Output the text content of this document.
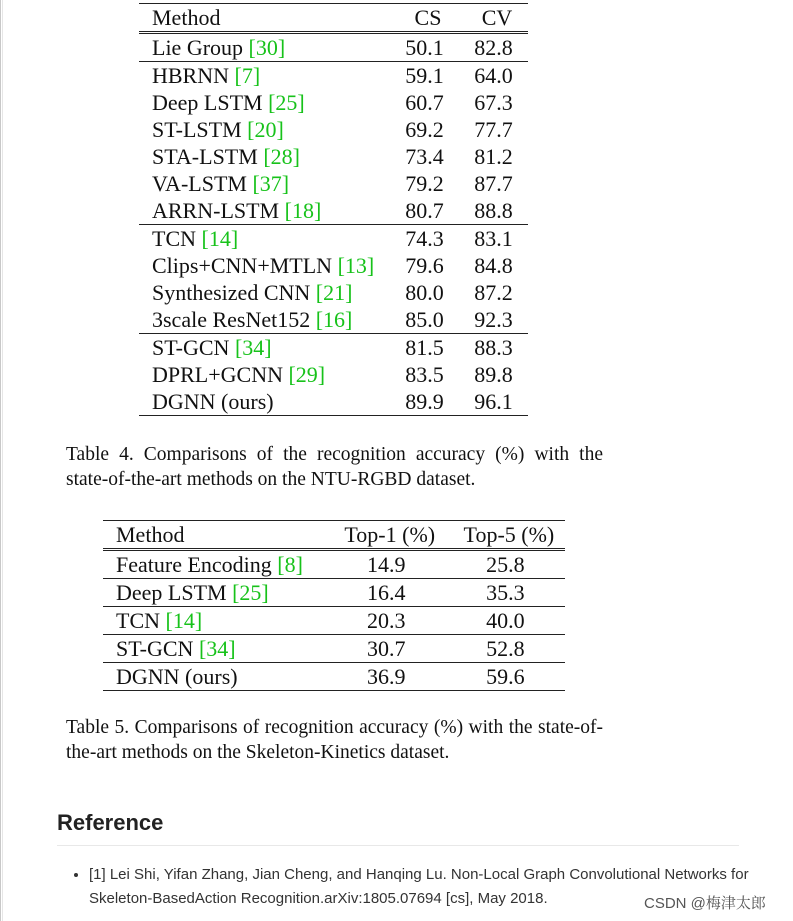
Method	CS	CV
Lie Group [30]	50.1	82.8
HBRNN [7]	59.1	64.0
Deep LSTM [25]	60.7	67.3
ST-LSTM [20]	69.2	77.7
STA-LSTM [28]	73.4	81.2
VA-LSTM [37]	79.2	87.7
ARRN-LSTM [18]	80.7	88.8
TCN [14]	74.3	83.1
Clips+CNN+MTLN [13]	79.6	84.8
Synthesized CNN [21]	80.0	87.2
3scale ResNet152 [16]	85.0	92.3
ST-GCN [34]	81.5	88.3
DPRL+GCNN [29]	83.5	89.8
DGNN (ours)	89.9	96.1
Table 4. Comparisons of the recognition accuracy (%) with the state-of-the-art methods on the NTU-RGBD dataset.
Method	Top-1 (%)	Top-5 (%)
Feature Encoding [8]	14.9	25.8
Deep LSTM [25]	16.4	35.3
TCN [14]	20.3	40.0
ST-GCN [34]	30.7	52.8
DGNN (ours)	36.9	59.6
Table 5. Comparisons of recognition accuracy (%) with the state-of-the-art methods on the Skeleton-Kinetics dataset.
Reference
• [1] Lei Shi, Yifan Zhang, Jian Cheng, and Hanqing Lu. Non-Local Graph Convolutional Networks for Skeleton-BasedAction Recognition.arXiv:1805.07694 [cs], May 2018.	CSDN @梅津太郎
